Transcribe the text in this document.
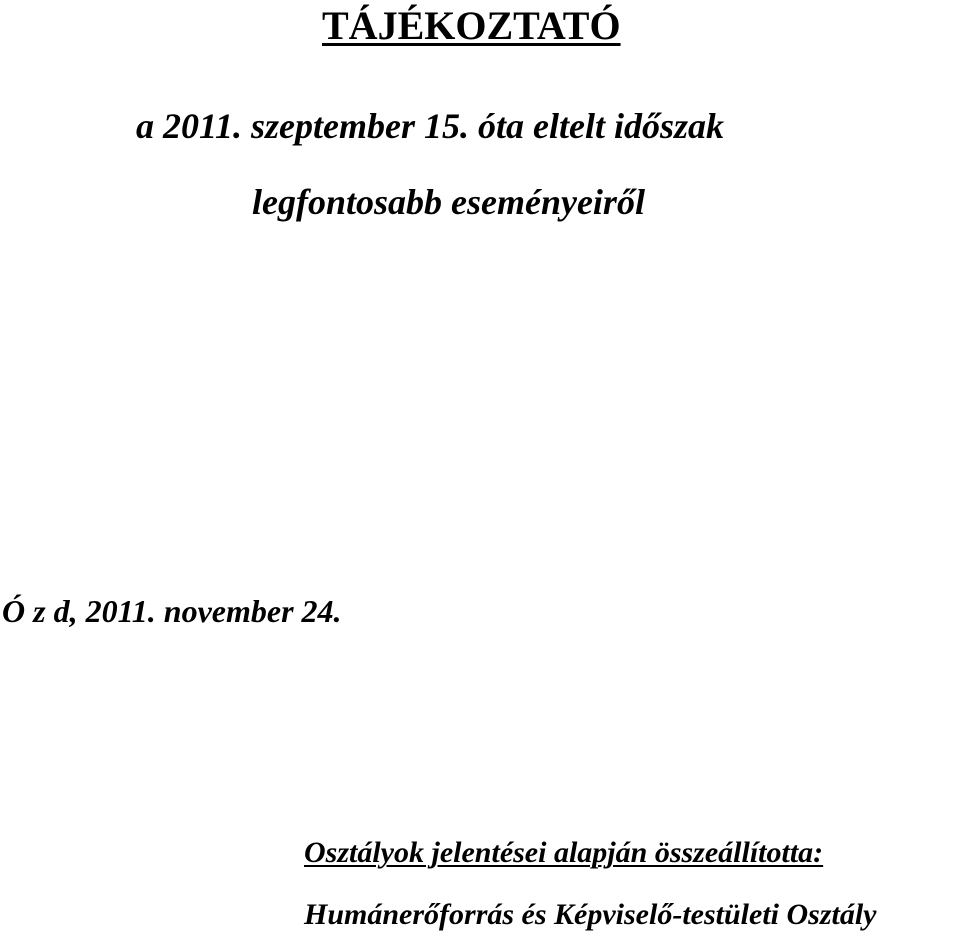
TÁJÉKOZTATÓ
a 2011. szeptember 15. óta eltelt időszak
legfontosabb eseményeiről
Ó z d, 2011. november 24.
Osztályok jelentései alapján összeállította:
Humánerőforrás és Képviselő-testületi Osztály
